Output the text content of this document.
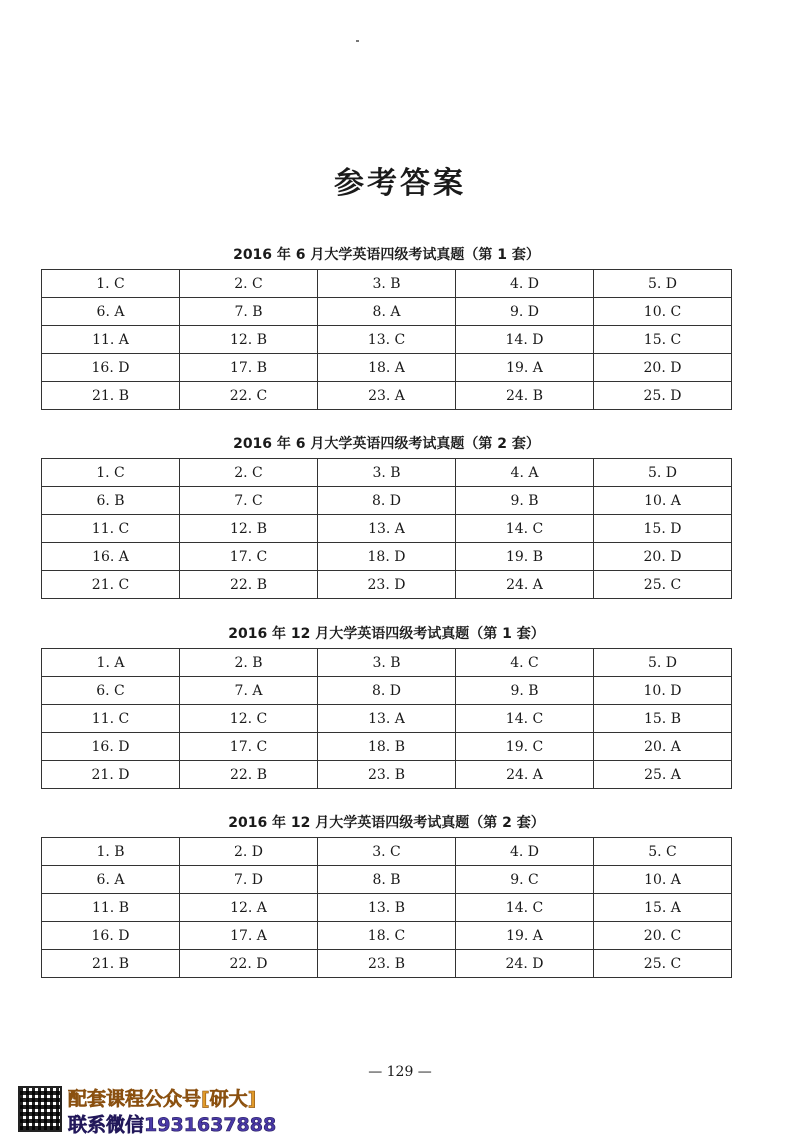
参考答案
2016 年 6 月大学英语四级考试真题（第 1 套）
1. C	2. C	3. B	4. D	5. D
6. A	7. B	8. A	9. D	10. C
11. A	12. B	13. C	14. D	15. C
16. D	17. B	18. A	19. A	20. D
21. B	22. C	23. A	24. B	25. D
2016 年 6 月大学英语四级考试真题（第 2 套）
1. C	2. C	3. B	4. A	5. D
6. B	7. C	8. D	9. B	10. A
11. C	12. B	13. A	14. C	15. D
16. A	17. C	18. D	19. B	20. D
21. C	22. B	23. D	24. A	25. C
2016 年 12 月大学英语四级考试真题（第 1 套）
1. A	2. B	3. B	4. C	5. D
6. C	7. A	8. D	9. B	10. D
11. C	12. C	13. A	14. C	15. B
16. D	17. C	18. B	19. C	20. A
21. D	22. B	23. B	24. A	25. A
2016 年 12 月大学英语四级考试真题（第 2 套）
1. B	2. D	3. C	4. D	5. C
6. A	7. D	8. B	9. C	10. A
11. B	12. A	13. B	14. C	15. A
16. D	17. A	18. C	19. A	20. C
21. B	22. D	23. B	24. D	25. C
— 129 —
配套课程公众号[研大]
联系微信1931637888
